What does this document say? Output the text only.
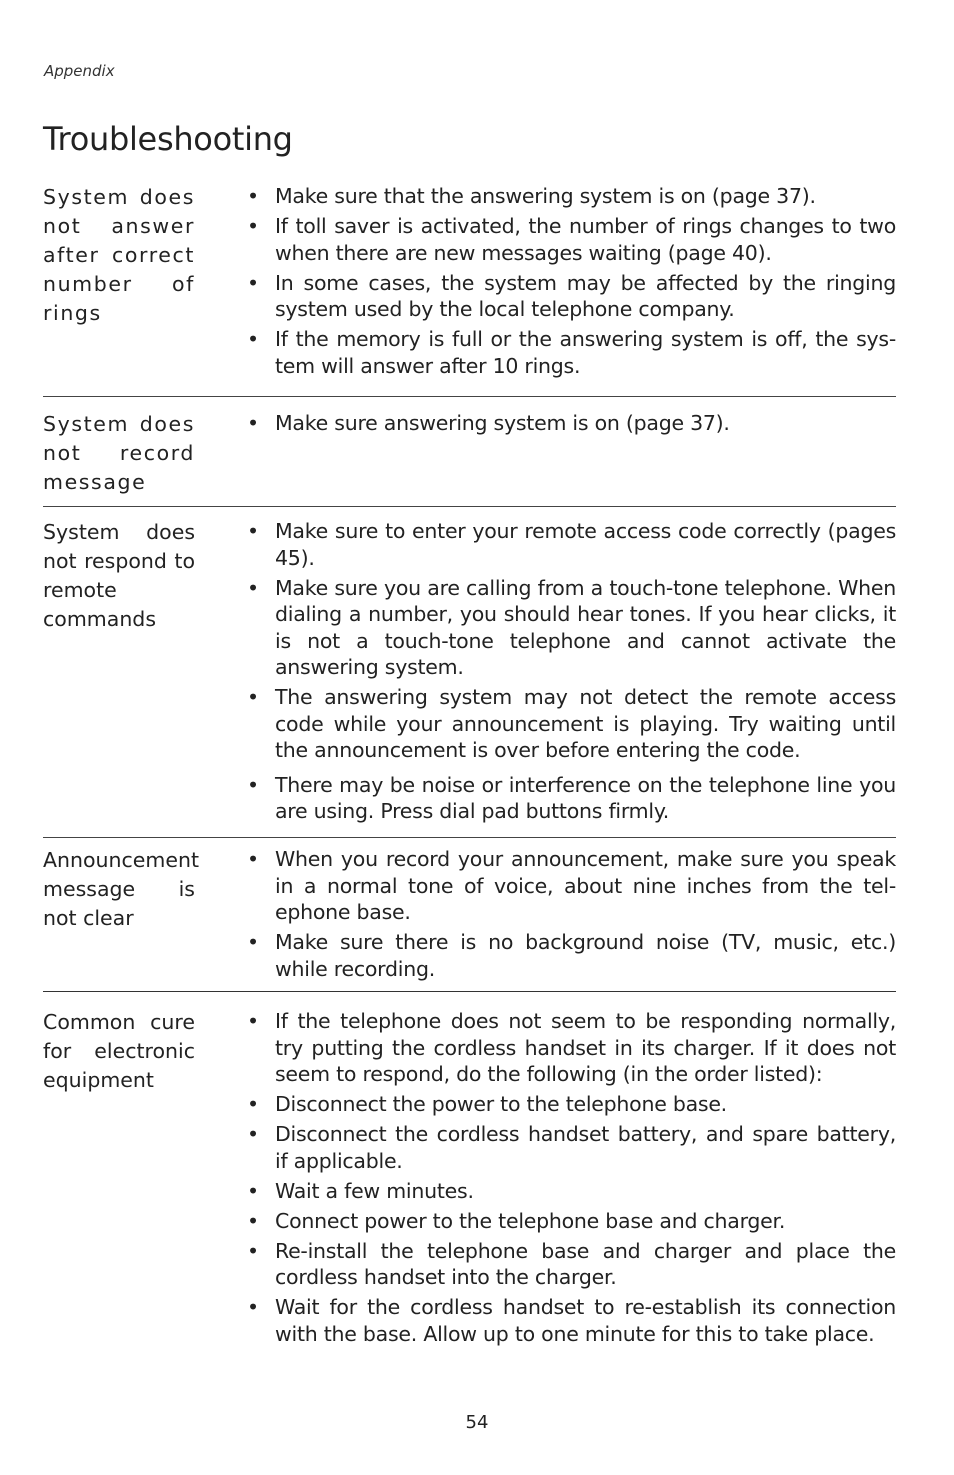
Appendix
Troubleshooting
System does not answer after correct number of rings
• Make sure that the answering system is on (page 37).
• If toll saver is activated, the number of rings changes to two when there are new messages waiting (page 40).
• In some cases, the system may be affected by the ringing system used by the local telephone company.
• If the memory is full or the answering system is off, the sys-tem will answer after 10 rings.
System does not record message
• Make sure answering system is on (page 37).
System does not respond to remote commands
• Make sure to enter your remote access code correctly (pages 45).
• Make sure you are calling from a touch-tone telephone. When dialing a number, you should hear tones. If you hear clicks, it is not a touch-tone telephone and cannot activate the answering system.
• The answering system may not detect the remote access code while your announcement is playing. Try waiting until the announcement is over before entering the code.
• There may be noise or interference on the telephone line you are using. Press dial pad buttons firmly.
Announcement message is not clear
• When you record your announcement, make sure you speak in a normal tone of voice, about nine inches from the tel-ephone base.
• Make sure there is no background noise (TV, music, etc.) while recording.
Common cure for electronic equipment
• If the telephone does not seem to be responding normally, try putting the cordless handset in its charger. If it does not seem to respond, do the following (in the order listed):
• Disconnect the power to the telephone base.
• Disconnect the cordless handset battery, and spare battery, if applicable.
• Wait a few minutes.
• Connect power to the telephone base and charger.
• Re-install the telephone base and charger and place the cordless handset into the charger.
• Wait for the cordless handset to re-establish its connection with the base. Allow up to one minute for this to take place.
54
